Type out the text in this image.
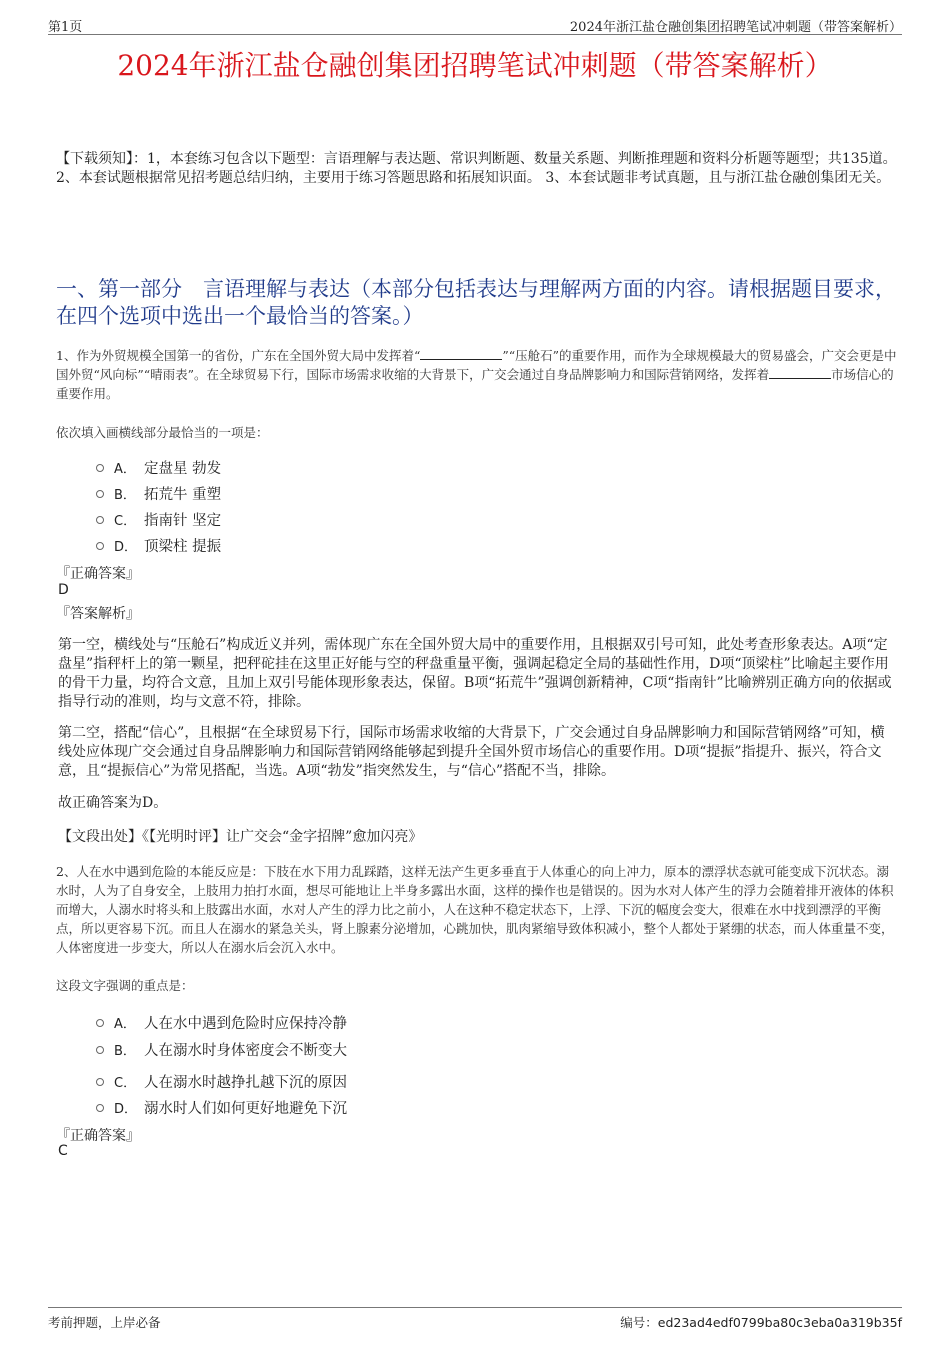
第1页	2024年浙江盐仓融创集团招聘笔试冲刺题（带答案解析）
2024年浙江盐仓融创集团招聘笔试冲刺题（带答案解析）
【下载须知】：1，本套练习包含以下题型：言语理解与表达题、常识判断题、数量关系题、判断推理题和资料分析题等题型；共135道。 2、本套试题根据常见招考题总结归纳，主要用于练习答题思路和拓展知识面。 3、本套试题非考试真题，且与浙江盐仓融创集团无关。
一、第一部分　言语理解与表达（本部分包括表达与理解两方面的内容。请根据题目要求，在四个选项中选出一个最恰当的答案。）
1、作为外贸规模全国第一的省份，广东在全国外贸大局中发挥着“	”“压舱石”的重要作用，而作为全球规模最大的贸易盛会，广交会更是中国外贸“风向标”“晴雨表”。在全球贸易下行，国际市场需求收缩的大背景下，广交会通过自身品牌影响力和国际营销网络，发挥着	市场信心的重要作用。
依次填入画横线部分最恰当的一项是：
A． 定盘星 勃发
B． 拓荒牛 重塑
C． 指南针 坚定
D． 顶梁柱 提振
『正确答案』
D
『答案解析』
第一空，横线处与“压舱石”构成近义并列，需体现广东在全国外贸大局中的重要作用，且根据双引号可知，此处考查形象表达。A项“定盘星”指秤杆上的第一颗星，把秤砣挂在这里正好能与空的秤盘重量平衡，强调起稳定全局的基础性作用，D项“顶梁柱”比喻起主要作用的骨干力量，均符合文意，且加上双引号能体现形象表达，保留。B项“拓荒牛”强调创新精神，C项“指南针”比喻辨别正确方向的依据或指导行动的准则，均与文意不符，排除。
第二空，搭配“信心”，且根据“在全球贸易下行，国际市场需求收缩的大背景下，广交会通过自身品牌影响力和国际营销网络”可知，横线处应体现广交会通过自身品牌影响力和国际营销网络能够起到提升全国外贸市场信心的重要作用。D项“提振”指提升、振兴，符合文意，且“提振信心”为常见搭配，当选。A项“勃发”指突然发生，与“信心”搭配不当，排除。
故正确答案为D。
【文段出处】《【光明时评】让广交会“金字招牌”愈加闪亮》
2、人在水中遇到危险的本能反应是：下肢在水下用力乱踩踏，这样无法产生更多垂直于人体重心的向上冲力，原本的漂浮状态就可能变成下沉状态。溺水时，人为了自身安全，上肢用力拍打水面，想尽可能地让上半身多露出水面，这样的操作也是错误的。因为水对人体产生的浮力会随着排开液体的体积而增大，人溺水时将头和上肢露出水面，水对人产生的浮力比之前小，人在这种不稳定状态下，上浮、下沉的幅度会变大，很难在水中找到漂浮的平衡点，所以更容易下沉。而且人在溺水的紧急关头，肾上腺素分泌增加，心跳加快，肌肉紧缩导致体积减小，整个人都处于紧绷的状态，而人体重量不变，人体密度进一步变大，所以人在溺水后会沉入水中。
这段文字强调的重点是：
A． 人在水中遇到危险时应保持冷静
B． 人在溺水时身体密度会不断变大
C． 人在溺水时越挣扎越下沉的原因
D． 溺水时人们如何更好地避免下沉
『正确答案』
C
考前押题，上岸必备	编号：ed23ad4edf0799ba80c3eba0a319b35f
